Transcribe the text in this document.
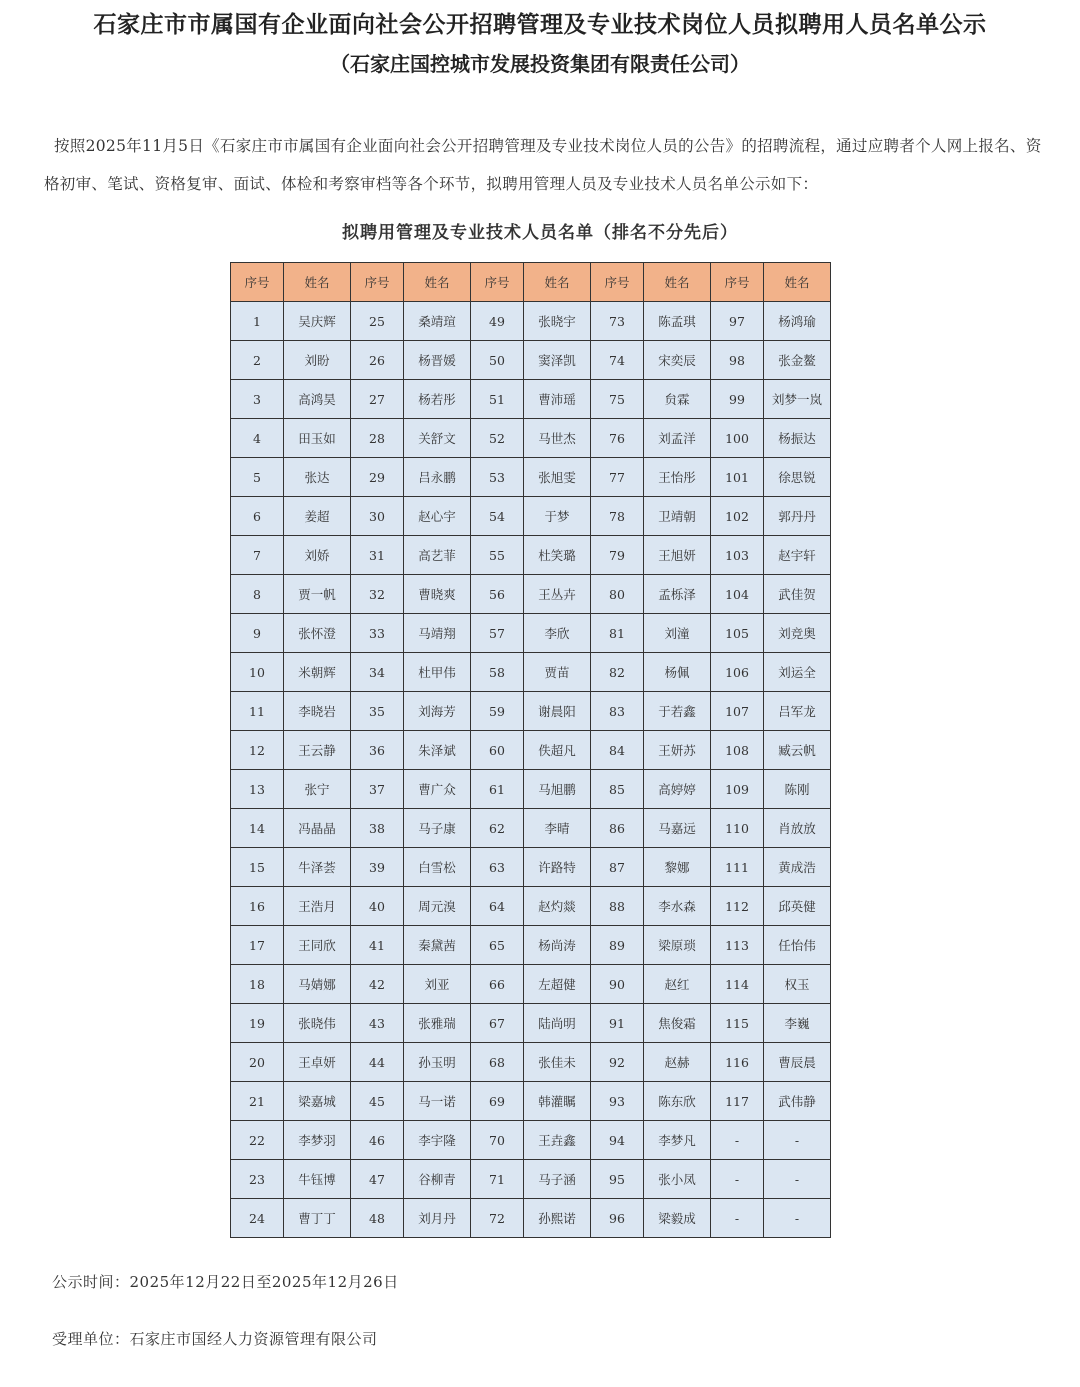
石家庄市市属国有企业面向社会公开招聘管理及专业技术岗位人员拟聘用人员名单公示
（石家庄国控城市发展投资集团有限责任公司）
按照2025年11月5日《石家庄市市属国有企业面向社会公开招聘管理及专业技术岗位人员的公告》的招聘流程，通过应聘者个人网上报名、资格初审、笔试、资格复审、面试、体检和考察审档等各个环节，拟聘用管理人员及专业技术人员名单公示如下：
拟聘用管理及专业技术人员名单（排名不分先后）
序号	姓名	序号	姓名	序号	姓名	序号	姓名	序号	姓名
1	吴庆辉	25	桑靖瑄	49	张晓宇	73	陈孟琪	97	杨鸿瑜
2	刘盼	26	杨晋媛	50	窦泽凯	74	宋奕辰	98	张金鳌
3	高鸿昊	27	杨若彤	51	曹沛瑶	75	贠霖	99	刘梦一岚
4	田玉如	28	关舒文	52	马世杰	76	刘孟洋	100	杨振达
5	张达	29	吕永鹏	53	张旭雯	77	王怡彤	101	徐思锐
6	姜超	30	赵心宇	54	于梦	78	卫靖朝	102	郭丹丹
7	刘娇	31	高艺菲	55	杜笑璐	79	王旭妍	103	赵宇轩
8	贾一帆	32	曹晓爽	56	王丛卉	80	孟栎泽	104	武佳贺
9	张怀澄	33	马靖翔	57	李欣	81	刘潼	105	刘竞奥
10	米朝辉	34	杜甲伟	58	贾苗	82	杨佩	106	刘运全
11	李晓岩	35	刘海芳	59	谢晨阳	83	于若鑫	107	吕军龙
12	王云静	36	朱泽斌	60	佚超凡	84	王妍苏	108	臧云帆
13	张宁	37	曹广众	61	马旭鹏	85	高婷婷	109	陈刚
14	冯晶晶	38	马子康	62	李晴	86	马嘉远	110	肖放放
15	牛泽荟	39	白雪松	63	许路特	87	黎娜	111	黄成浩
16	王浩月	40	周元溴	64	赵灼燚	88	李水森	112	邱英健
17	王同欣	41	秦黛茜	65	杨尚涛	89	梁原琐	113	任怡伟
18	马婧娜	42	刘亚	66	左超健	90	赵红	114	权玉
19	张晓伟	43	张雅瑞	67	陆尚明	91	焦俊霜	115	李巍
20	王卓妍	44	孙玉明	68	张佳未	92	赵赫	116	曹辰晨
21	梁嘉城	45	马一诺	69	韩灌瞩	93	陈东欣	117	武伟静
22	李梦羽	46	李宇隆	70	王垚鑫	94	李梦凡	-	-
23	牛钰博	47	谷柳青	71	马子涵	95	张小凤	-	-
24	曹丁丁	48	刘月丹	72	孙熙诺	96	梁毅成	-	-
公示时间：2025年12月22日至2025年12月26日
受理单位：石家庄市国经人力资源管理有限公司
